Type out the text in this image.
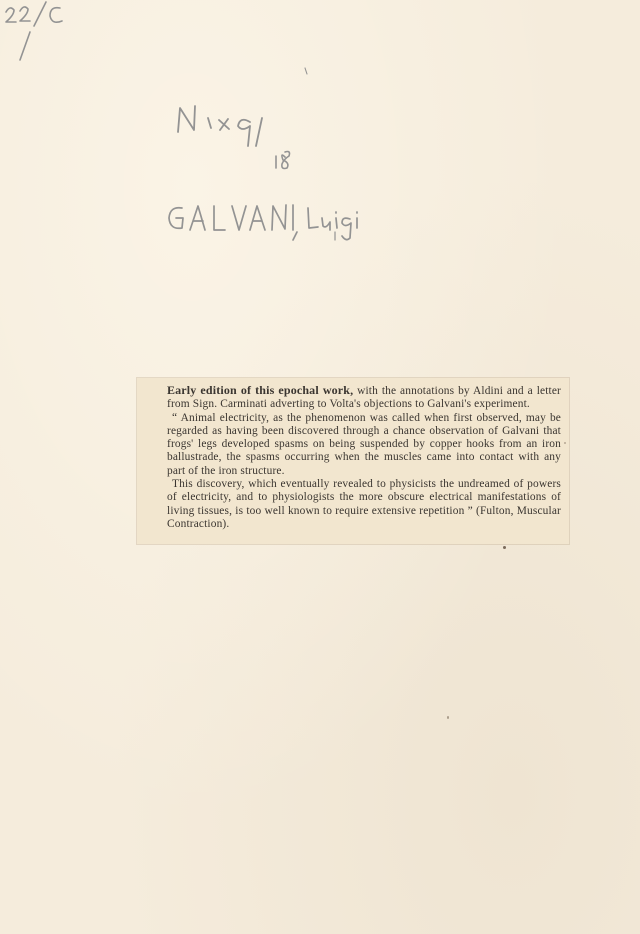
Early edition of this epochal work, with the annotations by Aldini and a letter from Sign. Carminati adverting to Volta's objections to Galvani's experiment.

“ Animal electricity, as the phenomenon was called when first observed, may be regarded as having been discovered through a chance observation of Galvani that frogs' legs developed spasms on being suspended by copper hooks from an iron ballustrade, the spasms occurring when the muscles came into contact with any part of the iron structure.

This discovery, which eventually revealed to physicists the undreamed of powers of electricity, and to physiologists the more obscure electrical manifestations of living tissues, is too well known to require extensive repetition ” (Fulton, Muscular Contraction).
